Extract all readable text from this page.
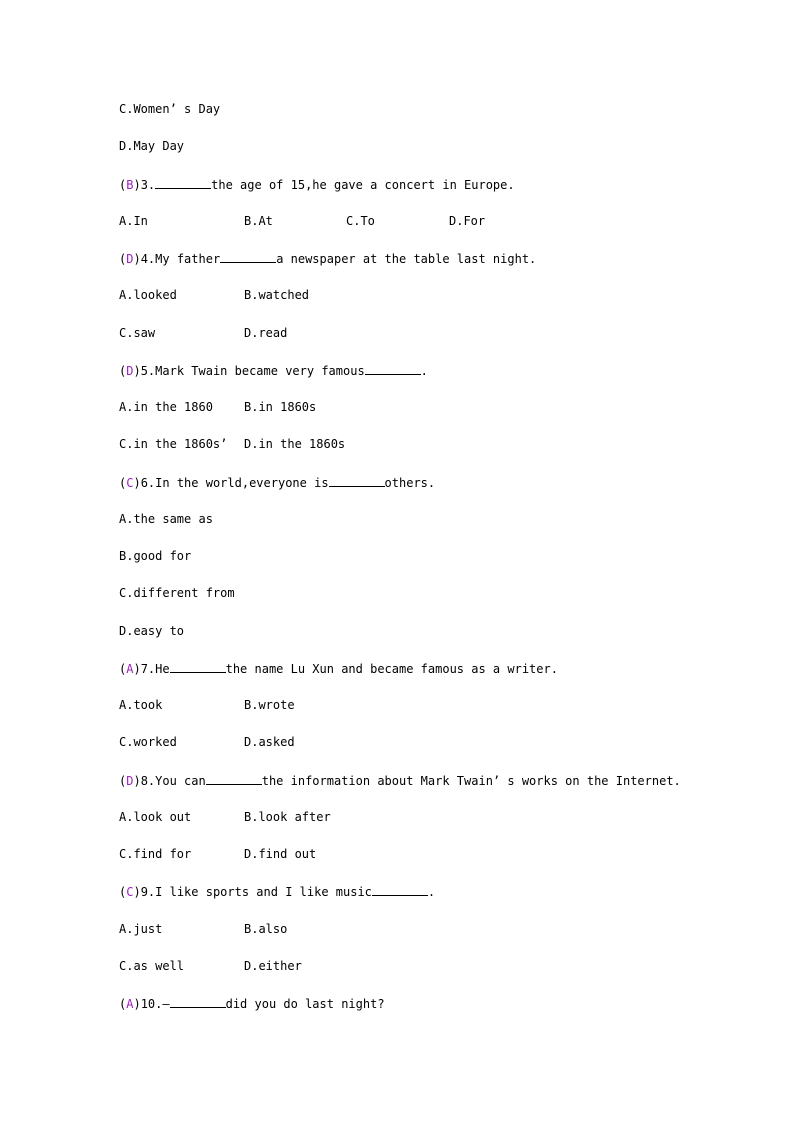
C.Women’ s Day
D.May Day
(B)3.	the age of 15,he gave a concert in Europe.
A.In	B.At	C.To	D.For
(D)4.My father	a newspaper at the table last night.
A.looked	B.watched
C.saw	D.read
(D)5.Mark Twain became very famous	.
A.in the 1860	B.in 1860s
C.in the 1860s’ D.in the 1860s
(C)6.In the world,everyone is	others.
A.the same as
B.good for
C.different from
D.easy to
(A)7.He	the name Lu Xun and became famous as a writer.
A.took	B.wrote
C.worked	D.asked
(D)8.You can	the information about Mark Twain’ s works on the Internet.
A.look out	B.look after
C.find for	D.find out
(C)9.I like sports and I like music	.
A.just	B.also
C.as well	D.either
(A)10.—	did you do last night?
